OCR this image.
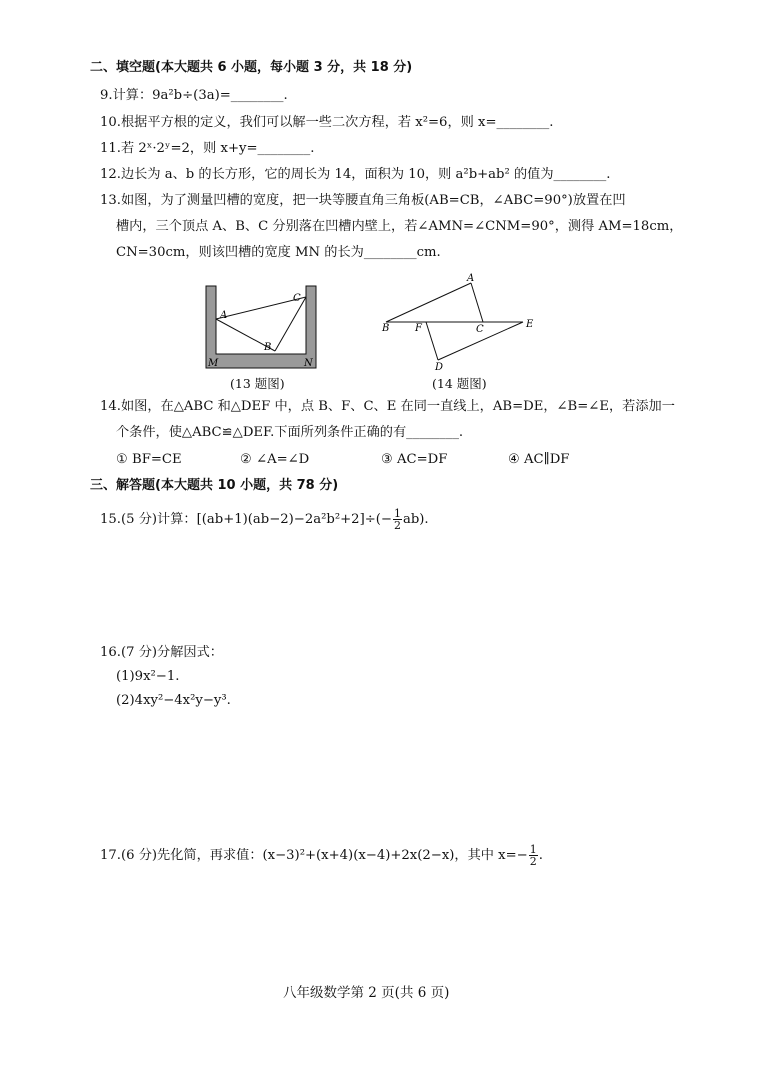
二、填空题(本大题共 6 小题，每小题 3 分，共 18 分)
9.计算：9a²b÷(3a)=________.
10.根据平方根的定义，我们可以解一些二次方程，若 x²=6，则 x=________.
11.若 2ˣ·2ʸ=2，则 x+y=________.
12.边长为 a、b 的长方形，它的周长为 14，面积为 10，则 a²b+ab² 的值为________.
13.如图，为了测量凹槽的宽度，把一块等腰直角三角板(AB=CB，∠ABC=90°)放置在凹
槽内，三个顶点 A、B、C 分别落在凹槽内壁上，若∠AMN=∠CNM=90°，测得 AM=18cm，
CN=30cm，则该凹槽的宽度 MN 的长为________cm.
A
B
C
M	N
A
B	F	C	E
D
(13 题图)	(14 题图)
14.如图，在△ABC 和△DEF 中，点 B、F、C、E 在同一直线上，AB=DE，∠B=∠E，若添加一
个条件，使△ABC≌△DEF.下面所列条件正确的有________.
① BF=CE	② ∠A=∠D	③ AC=DF	④ AC∥DF
三、解答题(本大题共 10 小题，共 78 分)
15.(5 分)计算：$[(ab+1)(ab-2)-2a^2b^2+2]\div(- \frac{1}{2} ab)$.
16.(7 分)分解因式：
(1)9x²−1.
(2)4xy²−4x²y−y³.
17.(6 分)先化简，再求值：(x−3)²+(x+4)(x−4)+2x(2−x)，其中 $x=- \frac{1}{2}$ .
八年级数学第 2 页(共 6 页)
